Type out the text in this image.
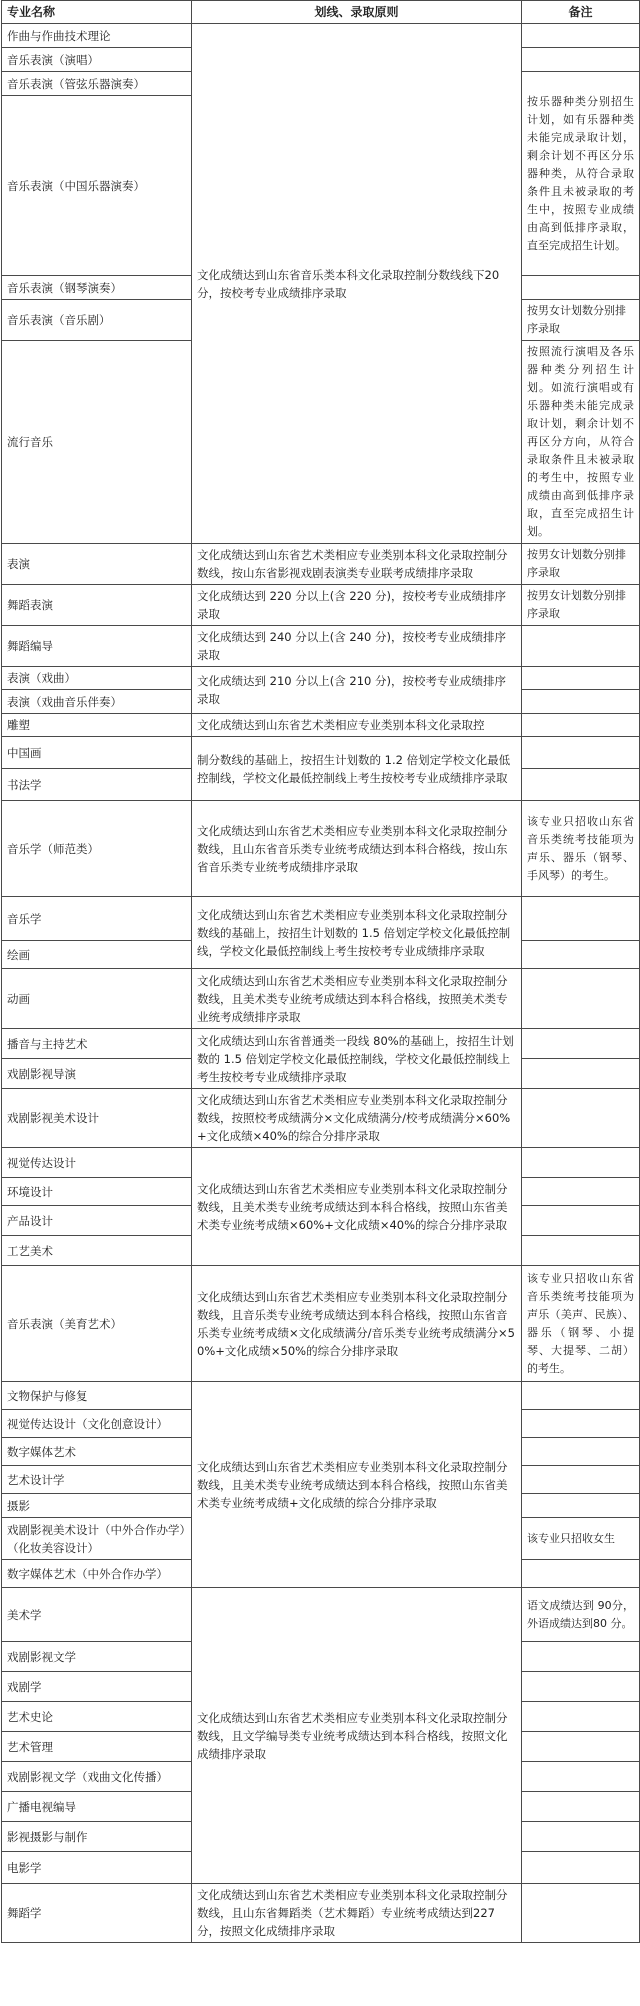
专业名称	划线、录取原则	备注
作曲与作曲技术理论	文化成绩达到山东省音乐类本科文化录取控制分数线线下20分，按校考专业成绩排序录取	
音乐表演（演唱）		
音乐表演（管弦乐器演奏）		按乐器种类分别招生计划，如有乐器种类未能完成录取计划，剩余计划不再区分乐器种类，从符合录取条件且未被录取的考生中，按照专业成绩由高到低排序录取，直至完成招生计划。
音乐表演（中国乐器演奏）		
音乐表演（钢琴演奏）		
音乐表演（音乐剧）		按男女计划数分别排序录取
流行音乐		按照流行演唱及各乐器种类分列招生计划。如流行演唱或有乐器种类未能完成录取计划，剩余计划不再区分方向，从符合录取条件且未被录取的考生中，按照专业成绩由高到低排序录取，直至完成招生计划。
表演	文化成绩达到山东省艺术类相应专业类别本科文化录取控制分数线，按山东省影视戏剧表演类专业联考成绩排序录取	按男女计划数分别排序录取
舞蹈表演	文化成绩达到 220 分以上(含 220 分)，按校考专业成绩排序录取	按男女计划数分别排序录取
舞蹈编导	文化成绩达到 240 分以上(含 240 分)，按校考专业成绩排序录取	
表演（戏曲）	文化成绩达到 210 分以上(含 210 分)，按校考专业成绩排序录取	
表演（戏曲音乐伴奏）		
雕塑	文化成绩达到山东省艺术类相应专业类别本科文化录取控	
中国画	制分数线的基础上，按招生计划数的 1.2 倍划定学校文化最低控制线，学校文化最低控制线上考生按校考专业成绩排序录取	
书法学		
音乐学（师范类）	文化成绩达到山东省艺术类相应专业类别本科文化录取控制分数线，且山东省音乐类专业统考成绩达到本科合格线，按山东省音乐类专业统考成绩排序录取	该专业只招收山东省音乐类统考技能项为声乐、器乐（钢琴、手风琴）的考生。
音乐学	文化成绩达到山东省艺术类相应专业类别本科文化录取控制分数线的基础上，按招生计划数的 1.5 倍划定学校文化最低控制线，学校文化最低控制线上考生按校考专业成绩排序录取	
绘画		
动画	文化成绩达到山东省艺术类相应专业类别本科文化录取控制分数线，且美术类专业统考成绩达到本科合格线，按照美术类专业统考成绩排序录取	
播音与主持艺术	文化成绩达到山东省普通类一段线 80%的基础上，按招生计划数的 1.5 倍划定学校文化最低控制线，学校文化最低控制线上考生按校考专业成绩排序录取	
戏剧影视导演		
戏剧影视美术设计	文化成绩达到山东省艺术类相应专业类别本科文化录取控制分数线，按照校考成绩满分×文化成绩满分/校考成绩满分×60%+文化成绩×40%的综合分排序录取	
视觉传达设计	文化成绩达到山东省艺术类相应专业类别本科文化录取控制分数线，且美术类专业统考成绩达到本科合格线，按照山东省美术类专业统考成绩×60%+文化成绩×40%的综合分排序录取	
环境设计		
产品设计		
工艺美术		
音乐表演（美育艺术）	文化成绩达到山东省艺术类相应专业类别本科文化录取控制分数线，且音乐类专业统考成绩达到本科合格线，按照山东省音乐类专业统考成绩×文化成绩满分/音乐类专业统考成绩满分×50%+文化成绩×50%的综合分排序录取	该专业只招收山东省音乐类统考技能项为声乐（美声、民族）、器乐（钢琴、小提琴、大提琴、二胡）的考生。
文物保护与修复	文化成绩达到山东省艺术类相应专业类别本科文化录取控制分数线，且美术类专业统考成绩达到本科合格线，按照山东省美术类专业统考成绩+文化成绩的综合分排序录取	
视觉传达设计（文化创意设计）		
数字媒体艺术		
艺术设计学		
摄影		
戏剧影视美术设计（中外合作办学）（化妆美容设计）		该专业只招收女生
数字媒体艺术（中外合作办学）		
美术学	文化成绩达到山东省艺术类相应专业类别本科文化录取控制分数线，且文学编导类专业统考成绩达到本科合格线，按照文化成绩排序录取	语文成绩达到 90分，外语成绩达到80 分。
戏剧影视文学		
戏剧学		
艺术史论		
艺术管理		
戏剧影视文学（戏曲文化传播）		
广播电视编导		
影视摄影与制作		
电影学		
舞蹈学	文化成绩达到山东省艺术类相应专业类别本科文化录取控制分数线，且山东省舞蹈类（艺术舞蹈）专业统考成绩达到227 分，按照文化成绩排序录取	
